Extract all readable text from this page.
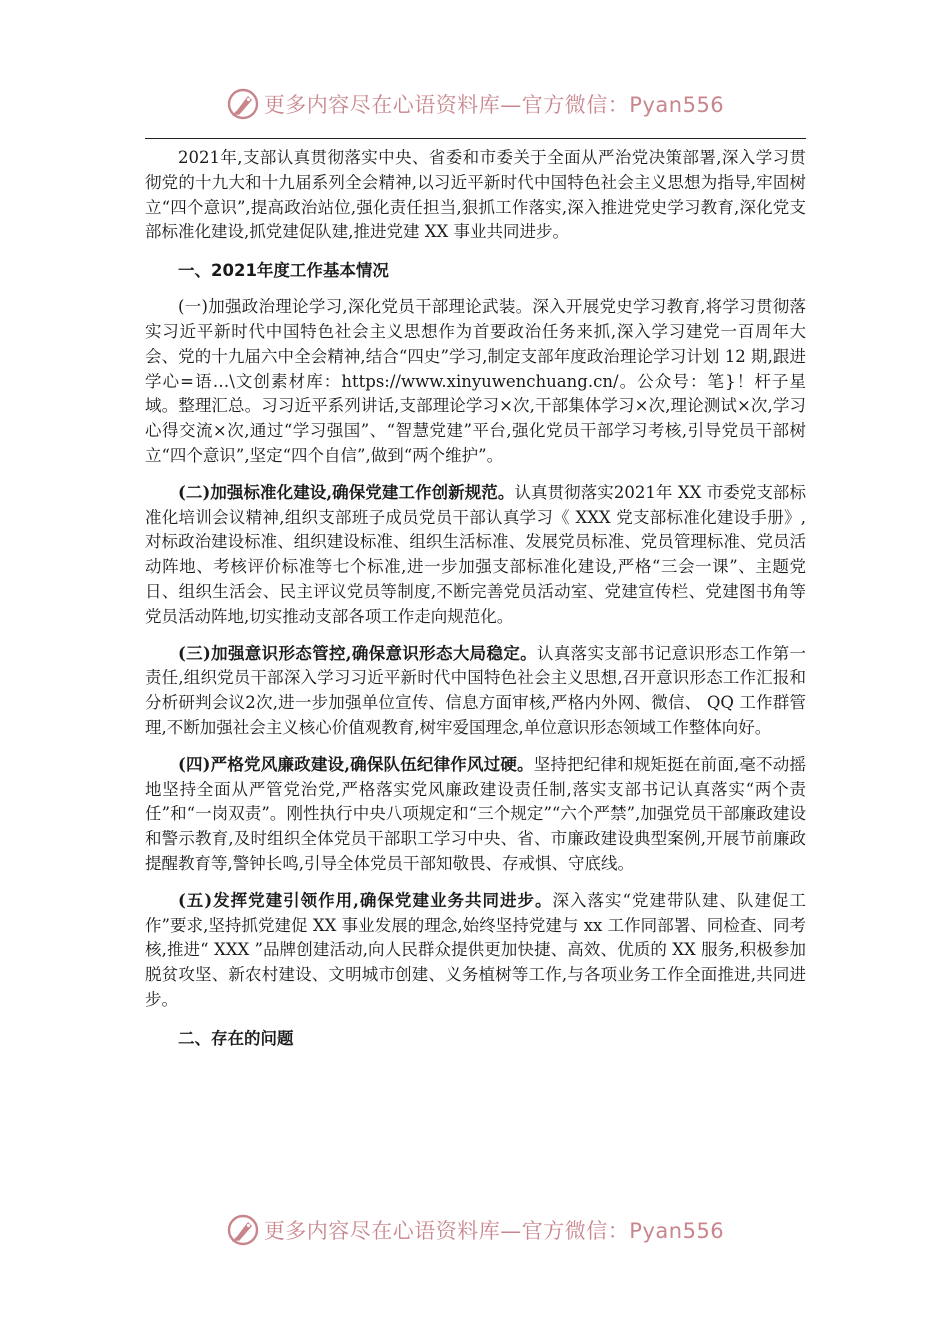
更多内容尽在心语资料库—官方微信：Pyan556

2021年,支部认真贯彻落实中央、省委和市委关于全面从严治党决策部署,深入学习贯彻党的十九大和十九届系列全会精神,以习近平新时代中国特色社会主义思想为指导,牢固树立“四个意识”,提高政治站位,强化责任担当,狠抓工作落实,深入推进党史学习教育,深化党支部标准化建设,抓党建促队建,推进党建 XX 事业共同进步。

一、2021年度工作基本情况

(一)加强政治理论学习,深化党员干部理论武装。深入开展党史学习教育,将学习贯彻落实习近平新时代中国特色社会主义思想作为首要政治任务来抓,深入学习建党一百周年大会、党的十九届六中全会精神,结合“四史”学习,制定支部年度政治理论学习计划 12 期,跟进学心=语…\文创素材库：https://www.xinyuwenchuang.cn/。公众号：笔}！杆子星域。整理汇总。习习近平系列讲话,支部理论学习×次,干部集体学习×次,理论测试×次,学习心得交流×次,通过“学习强国”、“智慧党建”平台,强化党员干部学习考核,引导党员干部树立“四个意识”,坚定“四个自信”,做到“两个维护”。

(二)加强标准化建设,确保党建工作创新规范。认真贯彻落实2021年 XX 市委党支部标准化培训会议精神,组织支部班子成员党员干部认真学习《 XXX 党支部标准化建设手册》,对标政治建设标准、组织建设标准、组织生活标准、发展党员标准、党员管理标准、党员活动阵地、考核评价标准等七个标准,进一步加强支部标准化建设,严格“三会一课”、主题党日、组织生活会、民主评议党员等制度,不断完善党员活动室、党建宣传栏、党建图书角等党员活动阵地,切实推动支部各项工作走向规范化。

(三)加强意识形态管控,确保意识形态大局稳定。认真落实支部书记意识形态工作第一责任,组织党员干部深入学习习近平新时代中国特色社会主义思想,召开意识形态工作汇报和分析研判会议2次,进一步加强单位宣传、信息方面审核,严格内外网、微信、 QQ 工作群管理,不断加强社会主义核心价值观教育,树牢爱国理念,单位意识形态领域工作整体向好。

(四)严格党风廉政建设,确保队伍纪律作风过硬。坚持把纪律和规矩挺在前面,毫不动摇地坚持全面从严管党治党,严格落实党风廉政建设责任制,落实支部书记认真落实“两个责任”和“一岗双责”。刚性执行中央八项规定和“三个规定”“六个严禁”,加强党员干部廉政建设和警示教育,及时组织全体党员干部职工学习中央、省、市廉政建设典型案例,开展节前廉政提醒教育等,警钟长鸣,引导全体党员干部知敬畏、存戒惧、守底线。

(五)发挥党建引领作用,确保党建业务共同进步。深入落实“党建带队建、队建促工作”要求,坚持抓党建促 XX 事业发展的理念,始终坚持党建与 xx 工作同部署、同检查、同考核,推进“ XXX ”品牌创建活动,向人民群众提供更加快捷、高效、优质的 XX 服务,积极参加脱贫攻坚、新农村建设、文明城市创建、义务植树等工作,与各项业务工作全面推进,共同进步。

二、存在的问题
更多内容尽在心语资料库—官方微信：Pyan556
